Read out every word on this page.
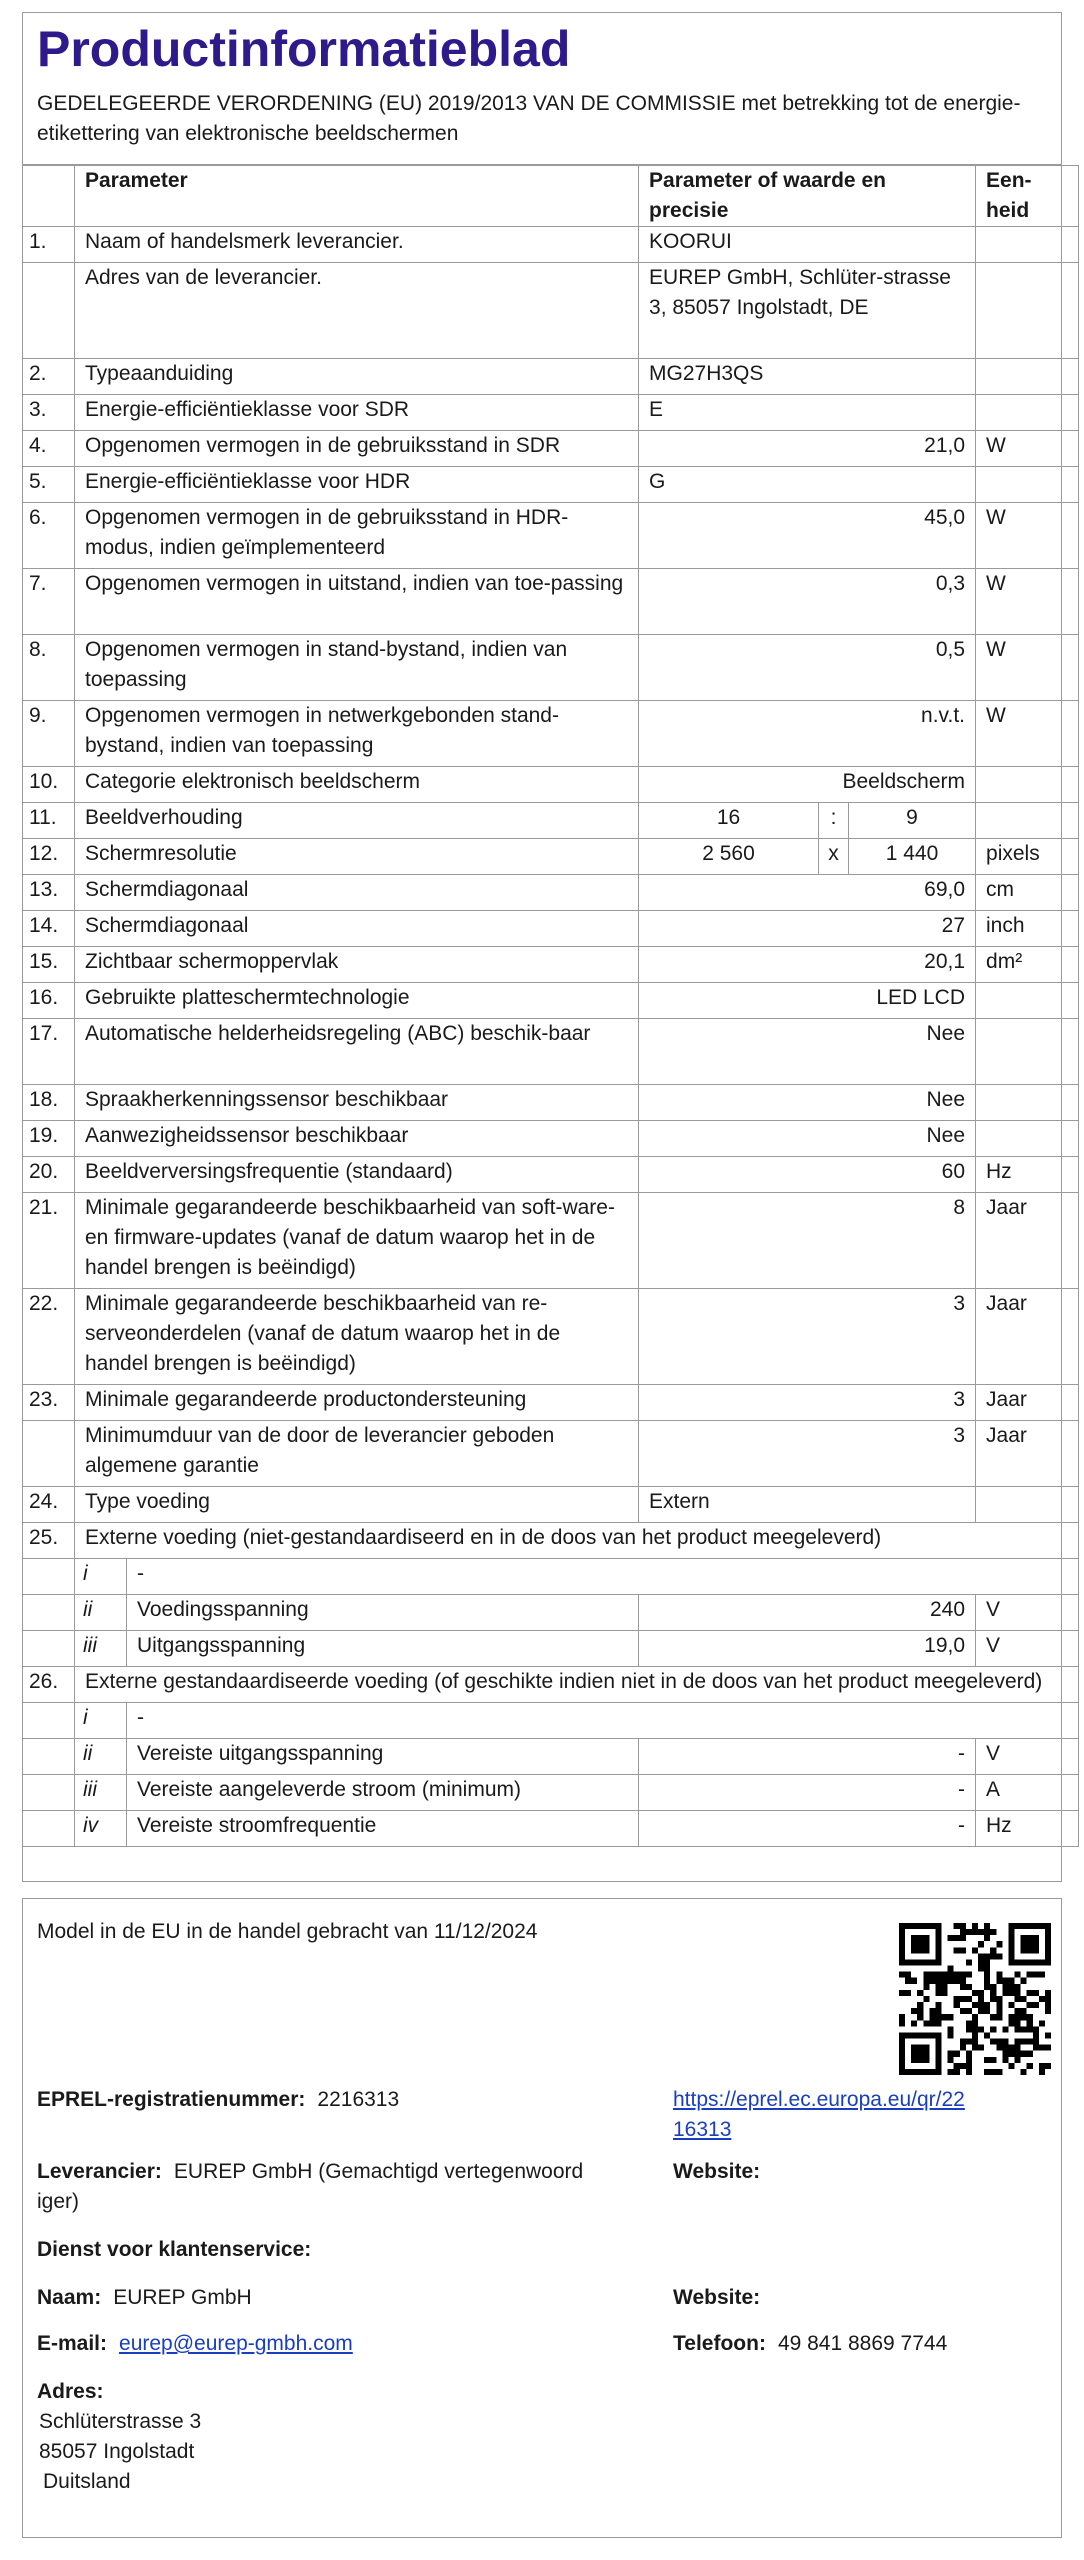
Productinformatieblad
GEDELEGEERDE VERORDENING (EU) 2019/2013 VAN DE COMMISSIE met betrekking tot de energie-etikettering van elektronische beeldschermen
	Parameter		Parameter of waarde en precisie			Een-heid
1.	Naam of handelsmerk leverancier.		KOORUI			
	Adres van de leverancier.		EUREP GmbH, Schlüter-strasse 3, 85057 Ingolstadt, DE			
2.	Typeaanduiding		MG27H3QS			
3.	Energie-efficiëntieklasse voor SDR		E			
4.	Opgenomen vermogen in de gebruiksstand in SDR		21,0			W
5.	Energie-efficiëntieklasse voor HDR		G			
6.	Opgenomen vermogen in de gebruiksstand in HDR-modus, indien geïmplementeerd		45,0			W
7.	Opgenomen vermogen in uitstand, indien van toe-passing		0,3			W
8.	Opgenomen vermogen in stand-bystand, indien van toepassing		0,5			W
9.	Opgenomen vermogen in netwerkgebonden stand-bystand, indien van toepassing		n.v.t.			W
10.	Categorie elektronisch beeldscherm		Beeldscherm			
11.	Beeldverhouding		16	:	9	
12.	Schermresolutie		2 560	x	1 440	pixels
13.	Schermdiagonaal		69,0			cm
14.	Schermdiagonaal		27			inch
15.	Zichtbaar schermoppervlak		20,1			dm²
16.	Gebruikte platteschermtechnologie		LED LCD			
17.	Automatische helderheidsregeling (ABC) beschik-baar		Nee			
18.	Spraakherkenningssensor beschikbaar		Nee			
19.	Aanwezigheidssensor beschikbaar		Nee			
20.	Beeldverversingsfrequentie (standaard)		60			Hz
21.	Minimale gegarandeerde beschikbaarheid van soft-ware- en firmware-updates (vanaf de datum waarop het in de handel brengen is beëindigd)		8			Jaar
22.	Minimale gegarandeerde beschikbaarheid van re-serveonderdelen (vanaf de datum waarop het in de handel brengen is beëindigd)		3			Jaar
23.	Minimale gegarandeerde productondersteuning		3			Jaar
	Minimumduur van de door de leverancier geboden algemene garantie		3			Jaar
24.	Type voeding		Extern			
25.	Externe voeding (niet-gestandaardiseerd en in de doos van het product meegeleverd)					
	i	-				
	ii	Voedingsspanning	240			V
	iii	Uitgangsspanning	19,0			V
26.	Externe gestandaardiseerde voeding (of geschikte indien niet in de doos van het product meegeleverd)					
	i	-				
	ii	Vereiste uitgangsspanning	-			V
	iii	Vereiste aangeleverde stroom (minimum)	-			A
	iv	Vereiste stroomfrequentie	-			Hz
Model in de EU in de handel gebracht van 11/12/2024
EPREL-registratienummer: 2216313	https://eprel.ec.europa.eu/qr/22
16313
Leverancier: EUREP GmbH (Gemachtigd vertegenwoord
iger)
Website:
Dienst voor klantenservice:
Naam: EUREP GmbH	Website:
E-mail: eurep@eurep-gmbh.com	Telefoon: 49 841 8869 7744
Adres:
Schlüterstrasse 3
85057 Ingolstadt
Duitsland
